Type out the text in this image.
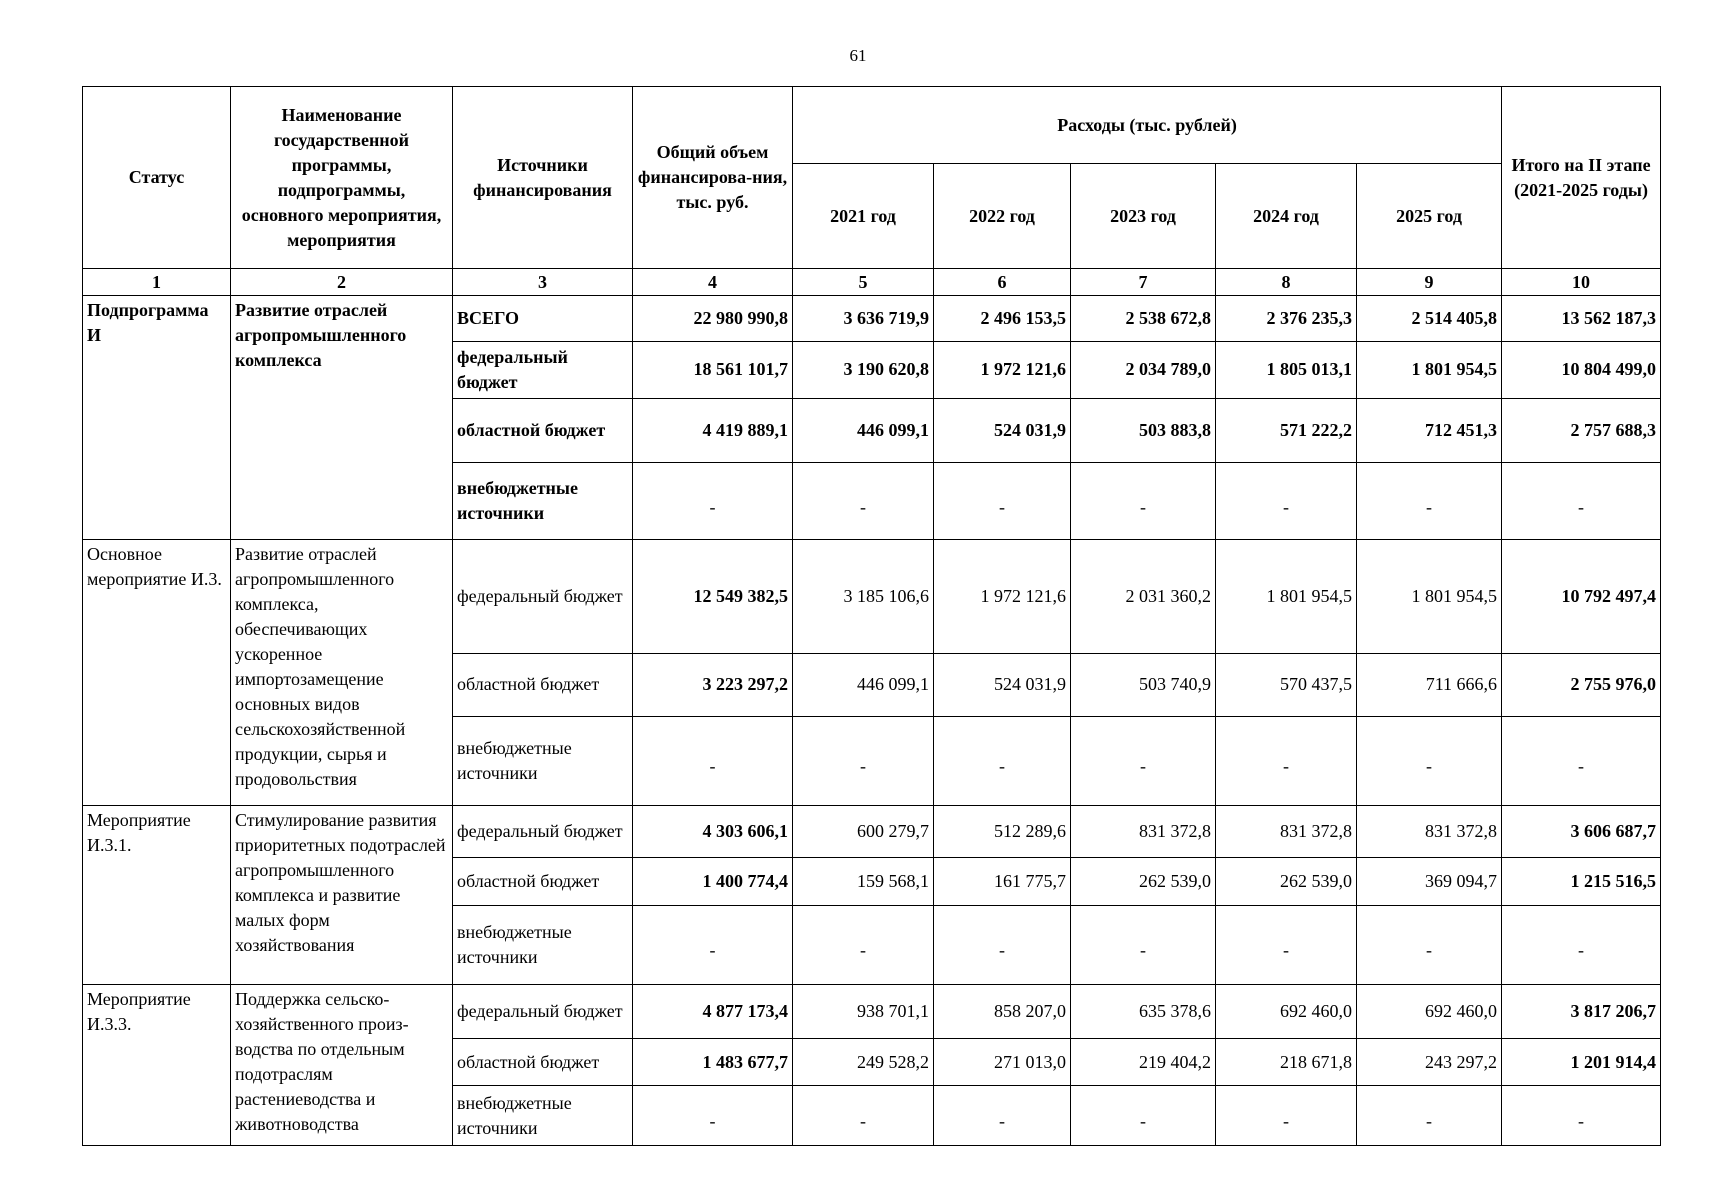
61
Статус	Наименование государственной программы, подпрограммы, основного мероприятия, мероприятия	Источники финансирования	Общий объем финансирова-ния, тыс. руб.	Расходы (тыс. рублей)					Итого на II этапе (2021-2025 годы)
				2021 год	2022 год	2023 год	2024 год	2025 год	
1	2	3	4	5	6	7	8	9	10
Подпрограмма И	Развитие отраслей агропромышленного комплекса	ВСЕГО	22 980 990,8	3 636 719,9	2 496 153,5	2 538 672,8	2 376 235,3	2 514 405,8	13 562 187,3
		федеральный бюджет	18 561 101,7	3 190 620,8	1 972 121,6	2 034 789,0	1 805 013,1	1 801 954,5	10 804 499,0
		областной бюджет	4 419 889,1	446 099,1	524 031,9	503 883,8	571 222,2	712 451,3	2 757 688,3
		внебюджетные источники	-	-	-	-	-	-	-
Основное мероприятие И.3.	Развитие отраслей агропромышленного комплекса, обеспечивающих ускоренное импортозамещение основных видов сельскохозяйственной продукции, сырья и продовольствия	федеральный бюджет	12 549 382,5	3 185 106,6	1 972 121,6	2 031 360,2	1 801 954,5	1 801 954,5	10 792 497,4
		областной бюджет	3 223 297,2	446 099,1	524 031,9	503 740,9	570 437,5	711 666,6	2 755 976,0
		внебюджетные источники	-	-	-	-	-	-	-
Мероприятие И.3.1.	Стимулирование развития приоритетных подотраслей агропромышленного комплекса и развитие малых форм хозяйствования	федеральный бюджет	4 303 606,1	600 279,7	512 289,6	831 372,8	831 372,8	831 372,8	3 606 687,7
		областной бюджет	1 400 774,4	159 568,1	161 775,7	262 539,0	262 539,0	369 094,7	1 215 516,5
		внебюджетные источники	-	-	-	-	-	-	-
Мероприятие И.3.3.	Поддержка сельско-хозяйственного произ-водства по отдельным подотраслям растениеводства и животноводства	федеральный бюджет	4 877 173,4	938 701,1	858 207,0	635 378,6	692 460,0	692 460,0	3 817 206,7
		областной бюджет	1 483 677,7	249 528,2	271 013,0	219 404,2	218 671,8	243 297,2	1 201 914,4
		внебюджетные источники	-	-	-	-	-	-	-
